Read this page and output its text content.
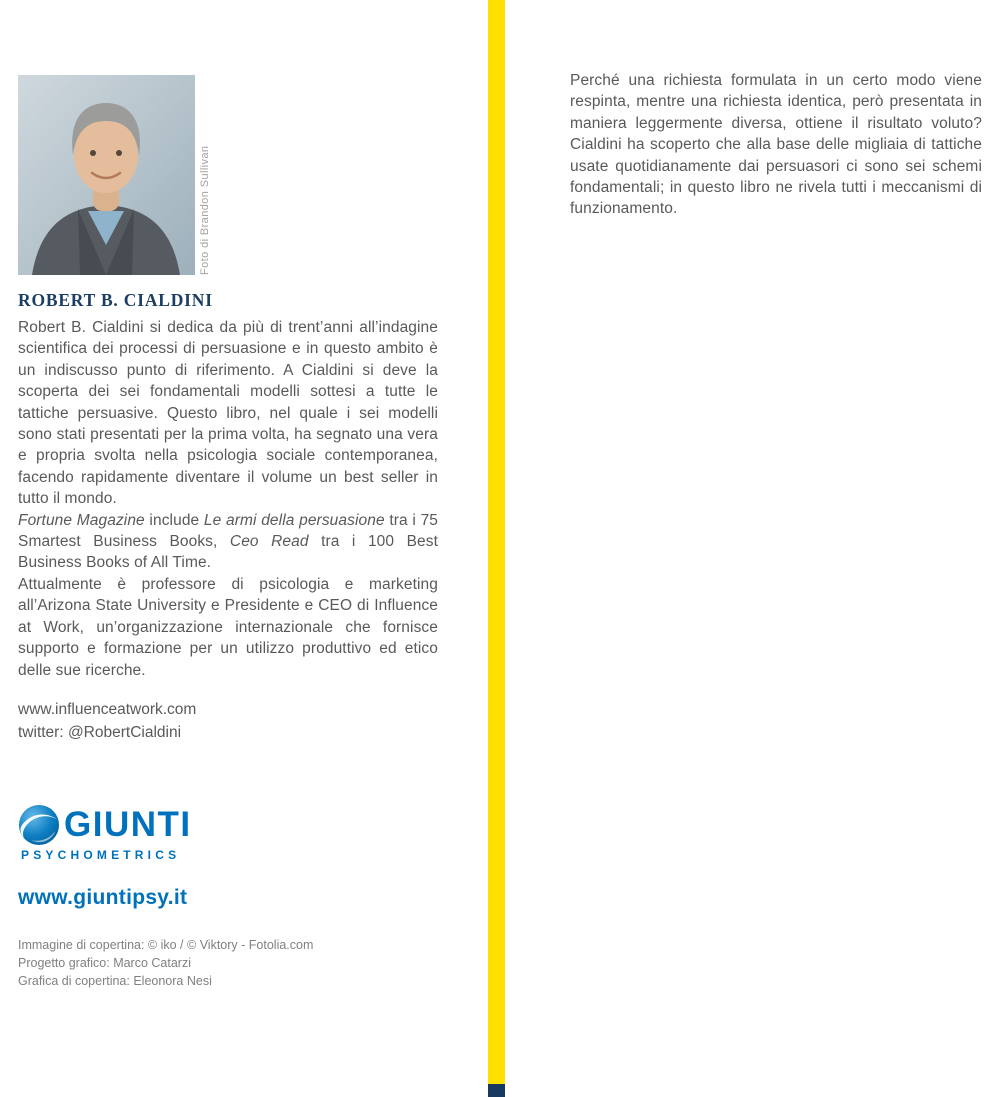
Foto di Brandon Sullivan
ROBERT B. CIALDINI

Robert B. Cialdini si dedica da più di trent’anni all’indagine scientifica dei processi di persuasione e in questo ambito è un indiscusso punto di riferimento. A Cialdini si deve la scoperta dei sei fondamentali modelli sottesi a tutte le tattiche persuasive. Questo libro, nel quale i sei modelli sono stati presentati per la prima volta, ha segnato una vera e propria svolta nella psicologia sociale contemporanea, facendo rapidamente diventare il volume un best seller in tutto il mondo.

Fortune Magazine include Le armi della persuasione tra i 75 Smartest Business Books, Ceo Read tra i 100 Best Business Books of All Time.

Attualmente è professore di psicologia e marketing all’Arizona State University e Presidente e CEO di Influence at Work, un’organizzazione internazionale che fornisce supporto e formazione per un utilizzo produttivo ed etico delle sue ricerche.

www.influenceatwork.com
twitter: @RobertCialdini
GIUNTI
PSYCHOMETRICS
www.giuntipsy.it
Immagine di copertina: © iko / © Viktory - Fotolia.com
Progetto grafico: Marco Catarzi
Grafica di copertina: Eleonora Nesi

Perché una richiesta formulata in un certo modo viene respinta, mentre una richiesta identica, però presentata in maniera leggermente diversa, ottiene il risultato voluto? Cialdini ha scoperto che alla base delle migliaia di tattiche usate quotidianamente dai persuasori ci sono sei schemi fondamentali; in questo libro ne rivela tutti i meccanismi di funzionamento.
